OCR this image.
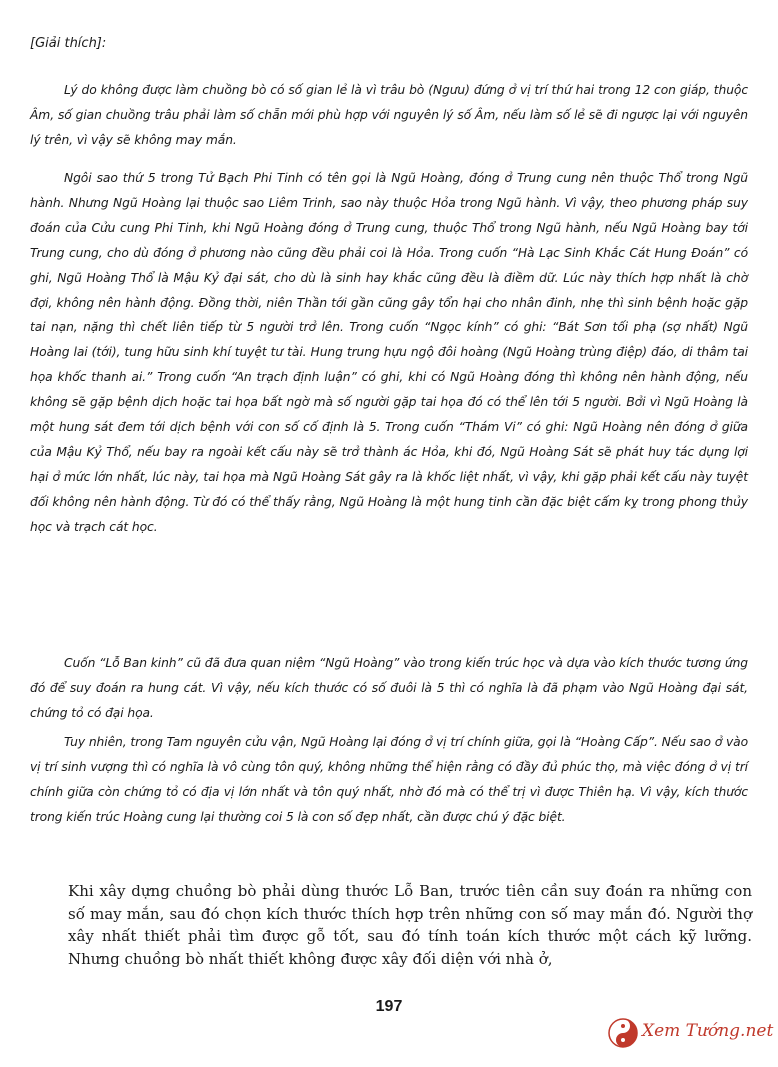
[Giải thích]:

Lý do không được làm chuồng bò có số gian lẻ là vì trâu bò (Ngưu) đứng ở vị trí thứ hai trong 12 con giáp, thuộc Âm, số gian chuồng trâu phải làm số chẵn mới phù hợp với nguyên lý số Âm, nếu làm số lẻ sẽ đi ngược lại với nguyên lý trên, vì vậy sẽ không may mắn.

Ngôi sao thứ 5 trong Tử Bạch Phi Tinh có tên gọi là Ngũ Hoàng, đóng ở Trung cung nên thuộc Thổ trong Ngũ hành. Nhưng Ngũ Hoàng lại thuộc sao Liêm Trinh, sao này thuộc Hỏa trong Ngũ hành. Vì vậy, theo phương pháp suy đoán của Cửu cung Phi Tinh, khi Ngũ Hoàng đóng ở Trung cung, thuộc Thổ trong Ngũ hành, nếu Ngũ Hoàng bay tới Trung cung, cho dù đóng ở phương nào cũng đều phải coi là Hỏa. Trong cuốn “Hà Lạc Sinh Khắc Cát Hung Đoán” có ghi, Ngũ Hoàng Thổ là Mậu Kỷ đại sát, cho dù là sinh hay khắc cũng đều là điềm dữ. Lúc này thích hợp nhất là chờ đợi, không nên hành động. Đồng thời, niên Thần tới gần cũng gây tổn hại cho nhân đinh, nhẹ thì sinh bệnh hoặc gặp tai nạn, nặng thì chết liên tiếp từ 5 người trở lên. Trong cuốn “Ngọc kính” có ghi: “Bát Sơn tối phạ (sợ nhất) Ngũ Hoàng lai (tới), tung hữu sinh khí tuyệt tư tài. Hung trung hựu ngộ đôi hoàng (Ngũ Hoàng trùng điệp) đáo, di thâm tai họa khốc thanh ai.” Trong cuốn “An trạch định luận” có ghi, khi có Ngũ Hoàng đóng thì không nên hành động, nếu không sẽ gặp bệnh dịch hoặc tai họa bất ngờ mà số người gặp tai họa đó có thể lên tới 5 người. Bởi vì Ngũ Hoàng là một hung sát đem tới dịch bệnh với con số cố định là 5. Trong cuốn “Thám Vi” có ghi: Ngũ Hoàng nên đóng ở giữa của Mậu Kỷ Thổ, nếu bay ra ngoài kết cấu này sẽ trở thành ác Hỏa, khi đó, Ngũ Hoàng Sát sẽ phát huy tác dụng lợi hại ở mức lớn nhất, lúc này, tai họa mà Ngũ Hoàng Sát gây ra là khốc liệt nhất, vì vậy, khi gặp phải kết cấu này tuyệt đối không nên hành động. Từ đó có thể thấy rằng, Ngũ Hoàng là một hung tinh cần đặc biệt cấm kỵ trong phong thủy học và trạch cát học.

Cuốn “Lỗ Ban kinh” cũ đã đưa quan niệm “Ngũ Hoàng” vào trong kiến trúc học và dựa vào kích thước tương ứng đó để suy đoán ra hung cát. Vì vậy, nếu kích thước có số đuôi là 5 thì có nghĩa là đã phạm vào Ngũ Hoàng đại sát, chứng tỏ có đại họa.

Tuy nhiên, trong Tam nguyên cửu vận, Ngũ Hoàng lại đóng ở vị trí chính giữa, gọi là “Hoàng Cấp”. Nếu sao ở vào vị trí sinh vượng thì có nghĩa là vô cùng tôn quý, không những thể hiện rằng có đầy đủ phúc thọ, mà việc đóng ở vị trí chính giữa còn chứng tỏ có địa vị lớn nhất và tôn quý nhất, nhờ đó mà có thể trị vì được Thiên hạ. Vì vậy, kích thước trong kiến trúc Hoàng cung lại thường coi 5 là con số đẹp nhất, cần được chú ý đặc biệt.

Khi xây dựng chuồng bò phải dùng thước Lỗ Ban, trước tiên cần suy đoán ra những con số may mắn, sau đó chọn kích thước thích hợp trên những con số may mắn đó. Người thợ xây nhất thiết phải tìm được gỗ tốt, sau đó tính toán kích thước một cách kỹ lưỡng. Nhưng chuồng bò nhất thiết không được xây đối diện với nhà ở,
197
Xem Tướng.net
